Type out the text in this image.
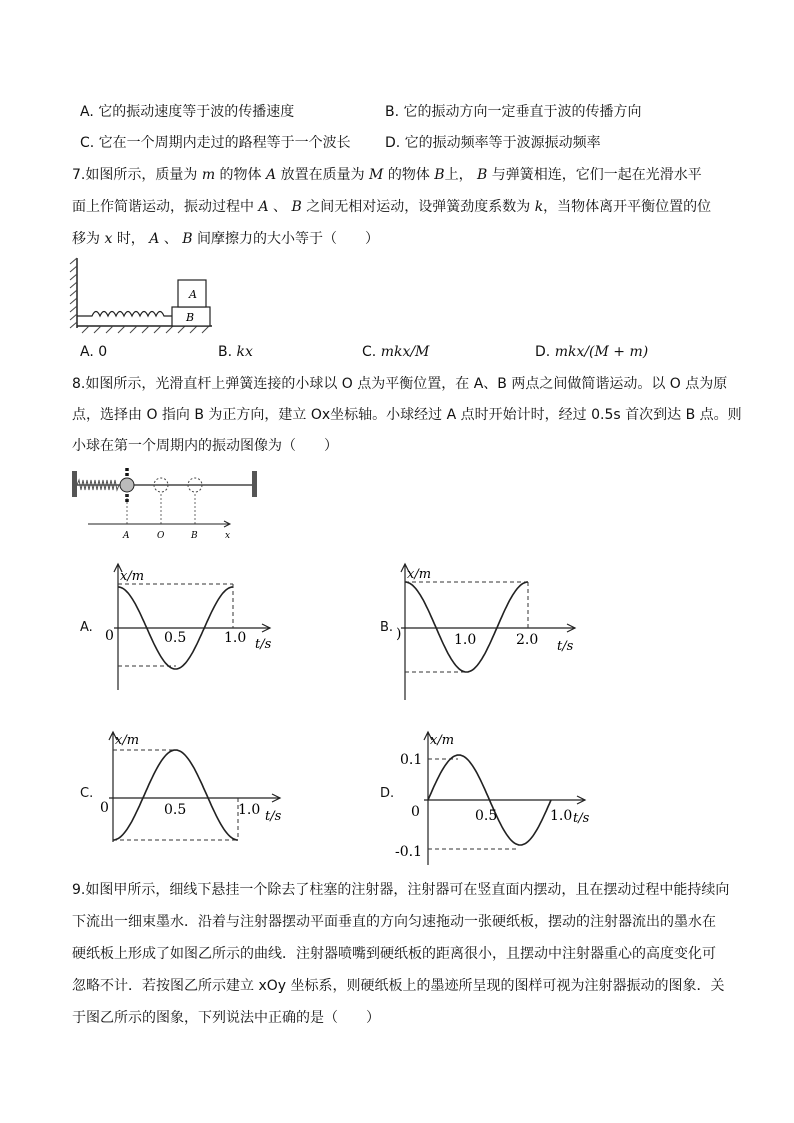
A. 它的振动速度等于波的传播速度	B. 它的振动方向一定垂直于波的传播方向
C. 它在一个周期内走过的路程等于一个波长 D. 它的振动频率等于波源振动频率
7.如图所示，质量为 m 的物体 A 放置在质量为 M 的物体 B上， B 与弹簧相连，它们一起在光滑水平
面上作简谐运动，振动过程中 A 、 B 之间无相对运动，设弹簧劲度系数为 k，当物体离开平衡位置的位
移为 x 时， A 、 B 间摩擦力的大小等于（　　）
A
B
A. 0	B. kx	C. mkx/M	D. mkx/(M + m)
8.如图所示，光滑直杆上弹簧连接的小球以 O 点为平衡位置，在 A、B 两点之间做简谐运动。以 O 点为原
点，选择由 O 指向 B 为正方向，建立 Ox坐标轴。小球经过 A 点时开始计时，经过 0.5s 首次到达 B 点。则
小球在第一个周期内的振动图像为（　　）
A	O	B	x
A.	B.
C.	D.
x/m
0	0.5	1.0 t/s
x/m
)	1.0	2.0 t/s
x/m
0	0.5	1.0 t/s
x/m
0.1
0
-0.1
0.5	1.0 t/s
9.如图甲所示，细线下悬挂一个除去了柱塞的注射器，注射器可在竖直面内摆动，且在摆动过程中能持续向
下流出一细束墨水．沿着与注射器摆动平面垂直的方向匀速拖动一张硬纸板，摆动的注射器流出的墨水在
硬纸板上形成了如图乙所示的曲线．注射器喷嘴到硬纸板的距离很小，且摆动中注射器重心的高度变化可
忽略不计．若按图乙所示建立 xOy 坐标系，则硬纸板上的墨迹所呈现的图样可视为注射器振动的图象．关
于图乙所示的图象，下列说法中正确的是（　　）
